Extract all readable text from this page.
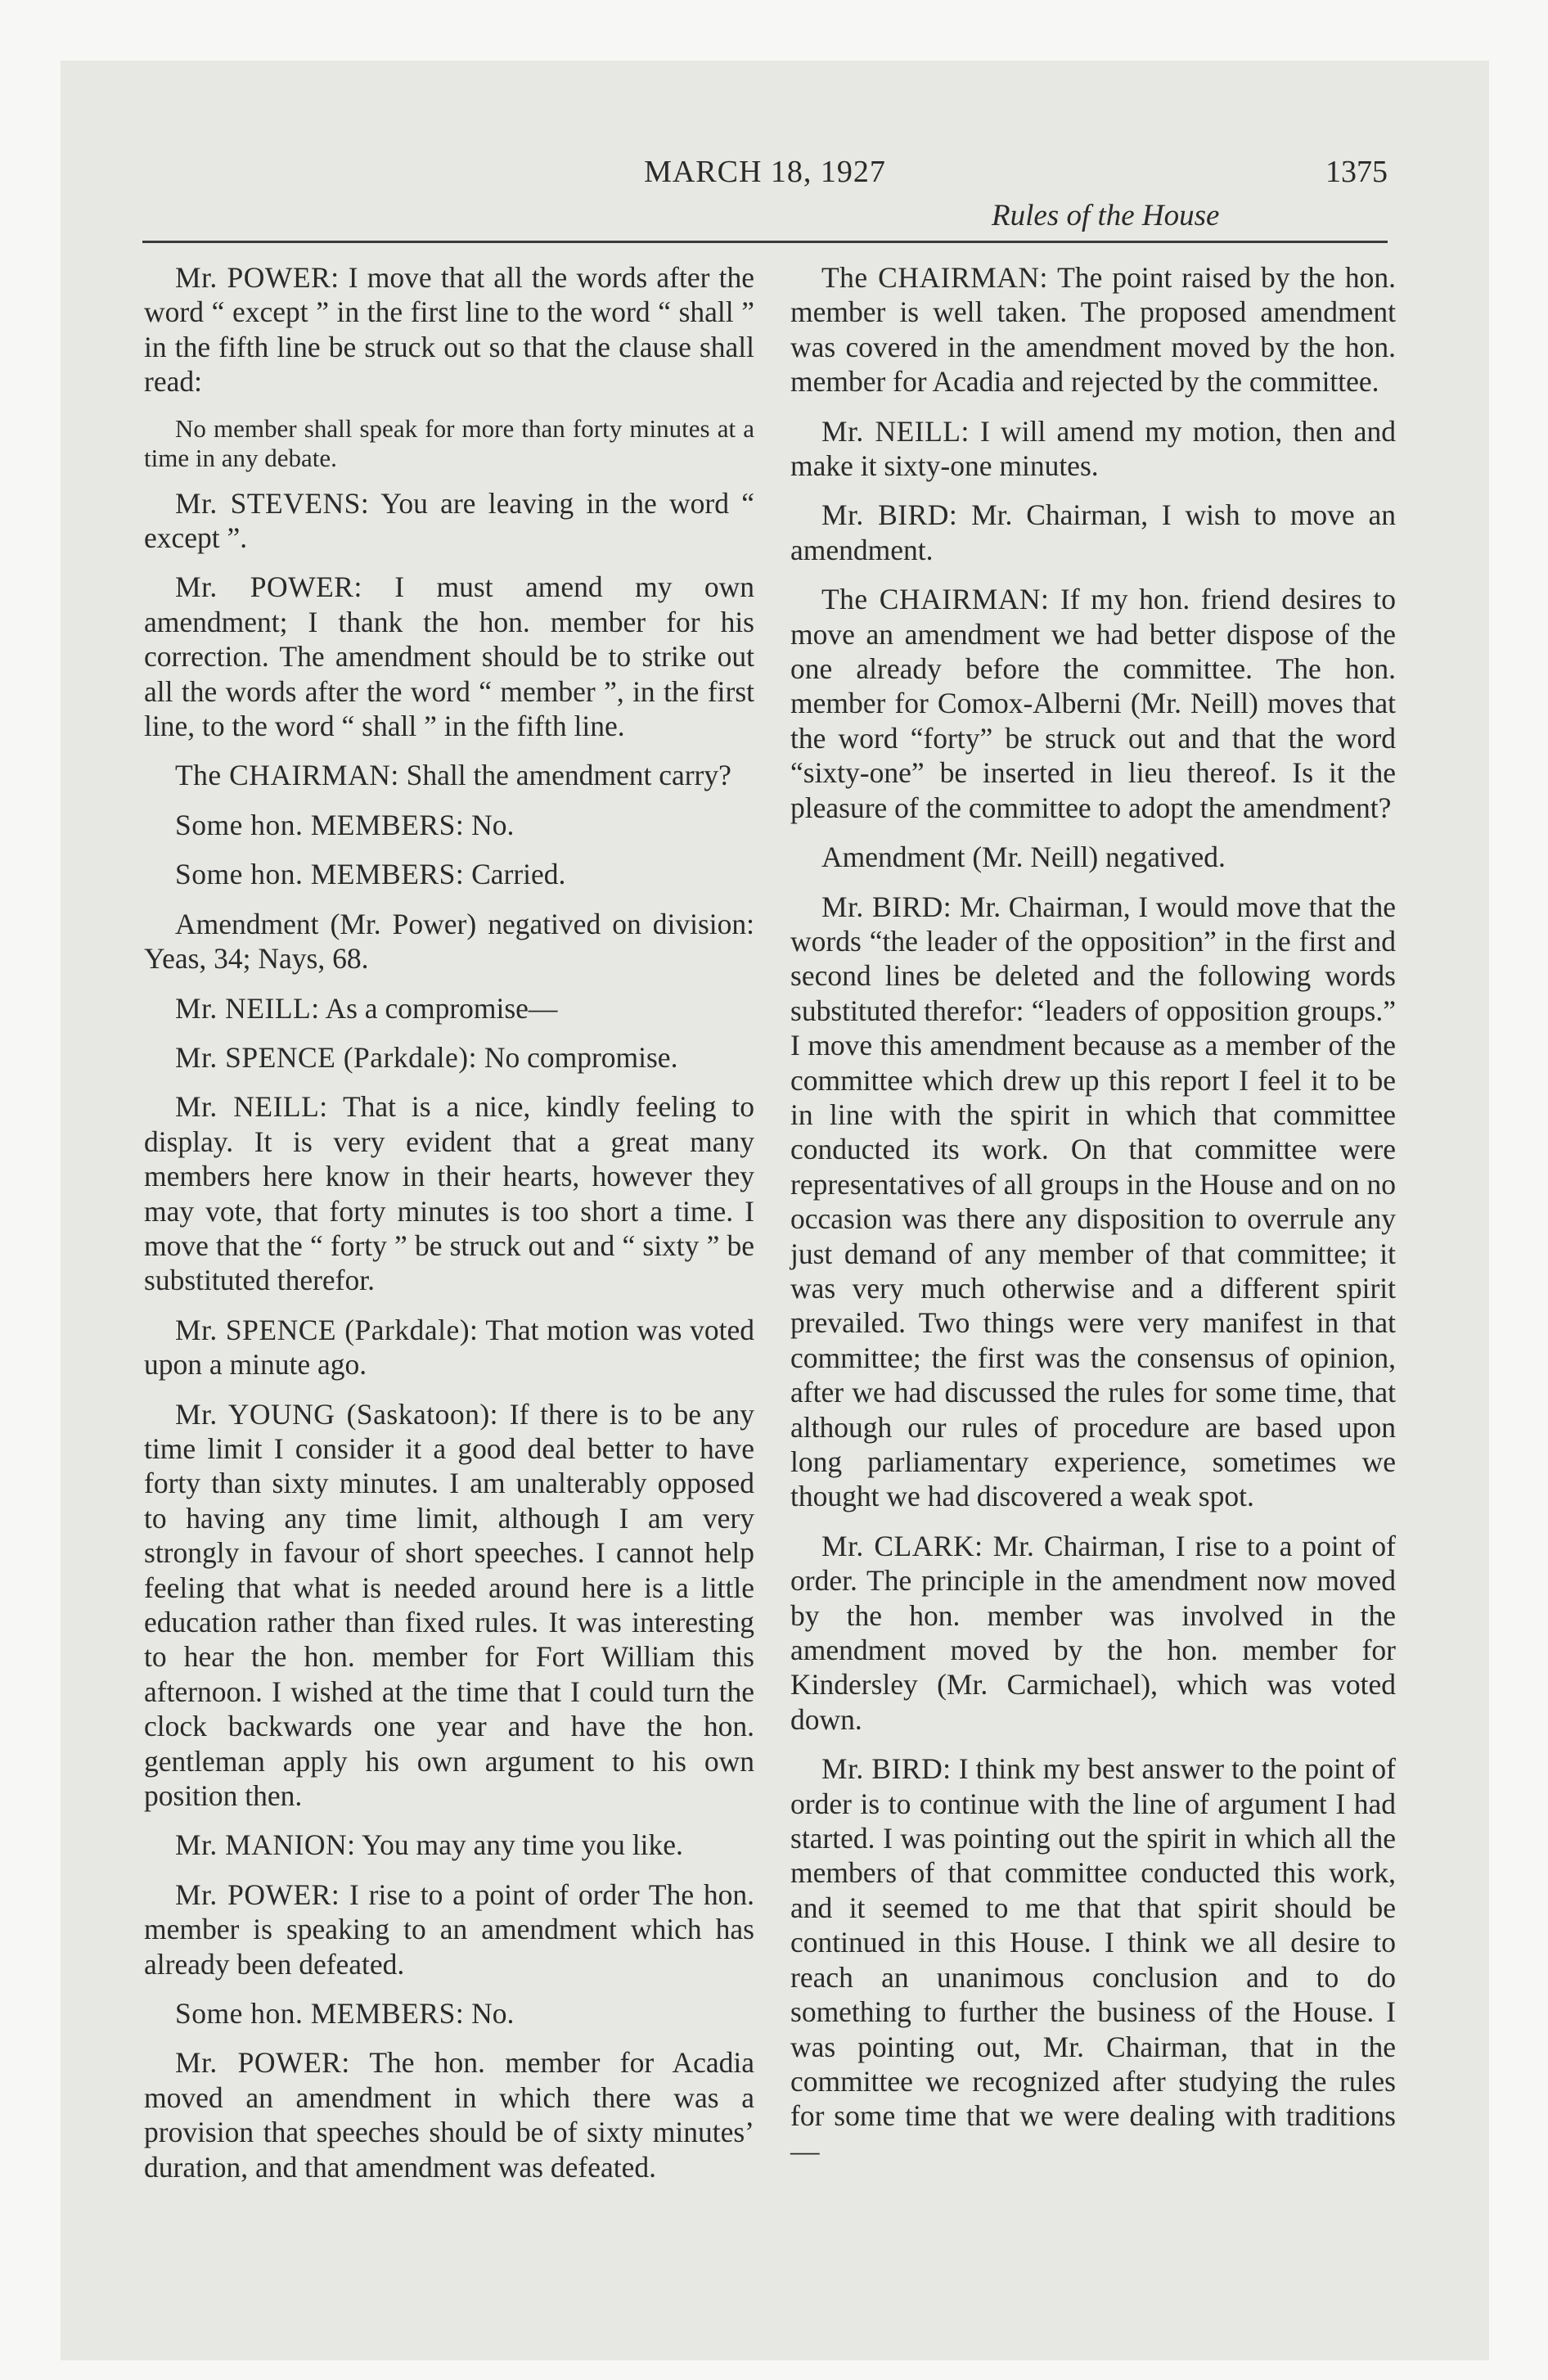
MARCH 18, 1927	1375
Rules of the House

Mr. POWER: I move that all the words after the word “ except ” in the first line to the word “ shall ” in the fifth line be struck out so that the clause shall read:

No member shall speak for more than forty minutes at a time in any debate.

Mr. STEVENS: You are leaving in the word “ except ”.

Mr. POWER: I must amend my own amendment; I thank the hon. member for his correction. The amendment should be to strike out all the words after the word “ member ”, in the first line, to the word “ shall ” in the fifth line.

The CHAIRMAN: Shall the amendment carry?

Some hon. MEMBERS: No.

Some hon. MEMBERS: Carried.

Amendment (Mr. Power) negatived on division: Yeas, 34; Nays, 68.

Mr. NEILL: As a compromise—

Mr. SPENCE (Parkdale): No compromise.

Mr. NEILL: That is a nice, kindly feeling to display. It is very evident that a great many members here know in their hearts, however they may vote, that forty minutes is too short a time. I move that the “ forty ” be struck out and “ sixty ” be substituted therefor.

Mr. SPENCE (Parkdale): That motion was voted upon a minute ago.

Mr. YOUNG (Saskatoon): If there is to be any time limit I consider it a good deal better to have forty than sixty minutes. I am unalterably opposed to having any time limit, although I am very strongly in favour of short speeches. I cannot help feeling that what is needed around here is a little education rather than fixed rules. It was interesting to hear the hon. member for Fort William this afternoon. I wished at the time that I could turn the clock backwards one year and have the hon. gentleman apply his own argument to his own position then.

Mr. MANION: You may any time you like.

Mr. POWER: I rise to a point of order The hon. member is speaking to an amendment which has already been defeated.

Some hon. MEMBERS: No.

Mr. POWER: The hon. member for Acadia moved an amendment in which there was a provision that speeches should be of sixty minutes’ duration, and that amendment was defeated.

The CHAIRMAN: The point raised by the hon. member is well taken. The proposed amendment was covered in the amendment moved by the hon. member for Acadia and rejected by the committee.

Mr. NEILL: I will amend my motion, then and make it sixty-one minutes.

Mr. BIRD: Mr. Chairman, I wish to move an amendment.

The CHAIRMAN: If my hon. friend desires to move an amendment we had better dispose of the one already before the committee. The hon. member for Comox-Alberni (Mr. Neill) moves that the word “forty” be struck out and that the word “sixty-one” be inserted in lieu thereof. Is it the pleasure of the committee to adopt the amendment?

Amendment (Mr. Neill) negatived.

Mr. BIRD: Mr. Chairman, I would move that the words “the leader of the opposition” in the first and second lines be deleted and the following words substituted therefor: “leaders of opposition groups.” I move this amendment because as a member of the committee which drew up this report I feel it to be in line with the spirit in which that committee conducted its work. On that committee were representatives of all groups in the House and on no occasion was there any disposition to overrule any just demand of any member of that committee; it was very much otherwise and a different spirit prevailed. Two things were very manifest in that committee; the first was the consensus of opinion, after we had discussed the rules for some time, that although our rules of procedure are based upon long parliamentary experience, sometimes we thought we had discovered a weak spot.

Mr. CLARK: Mr. Chairman, I rise to a point of order. The principle in the amendment now moved by the hon. member was involved in the amendment moved by the hon. member for Kindersley (Mr. Carmichael), which was voted down.

Mr. BIRD: I think my best answer to the point of order is to continue with the line of argument I had started. I was pointing out the spirit in which all the members of that committee conducted this work, and it seemed to me that that spirit should be continued in this House. I think we all desire to reach an unanimous conclusion and to do something to further the business of the House. I was pointing out, Mr. Chairman, that in the committee we recognized after studying the rules for some time that we were dealing with traditions—
